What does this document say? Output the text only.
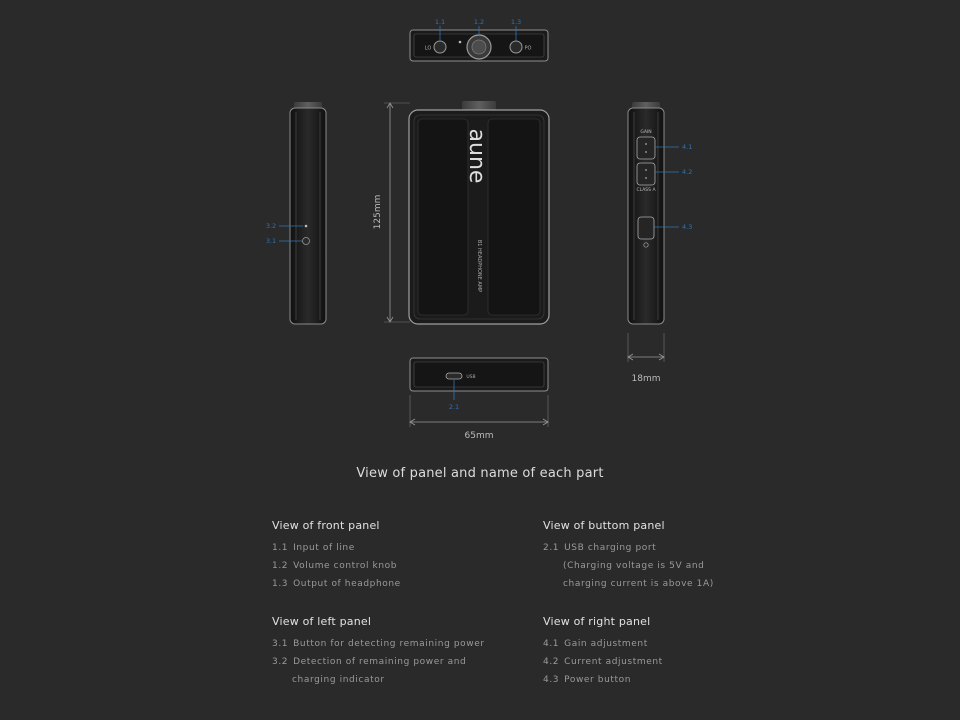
LO	PO
1.1	1.2	1.3
3.2
3.1
125mm
aune
B1 HEADPHONE AMP
GAIN
CLASS A
4.1
4.2
4.3
18mm
USB
2.1
65mm
View of panel and name of each part
View of front panel
1.1 Input of line
1.2 Volume control knob
1.3 Output of headphone
View of buttom panel
2.1 USB charging port
(Charging voltage is 5V and
charging current is above 1A)
View of left panel
3.1 Button for detecting remaining power
3.2 Detection of remaining power and
charging indicator
View of right panel
4.1 Gain adjustment
4.2 Current adjustment
4.3 Power button
